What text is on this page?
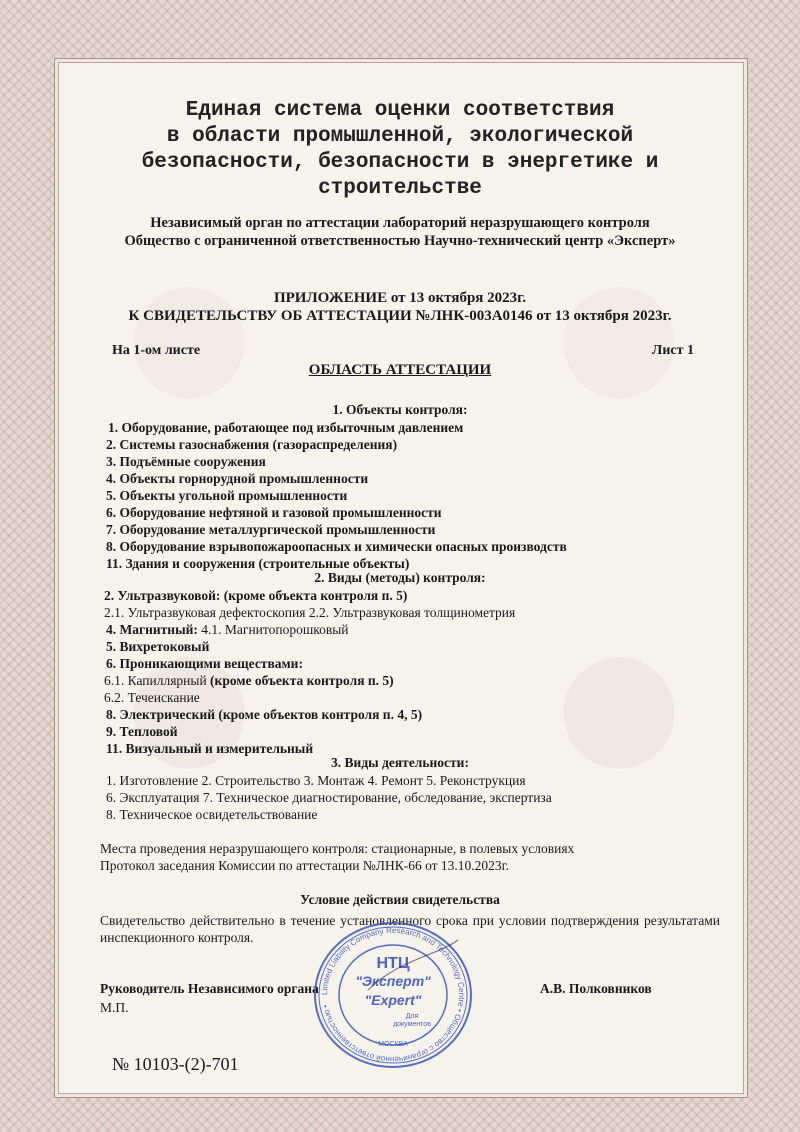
Единая система оценки соответствия
в области промышленной, экологической
безопасности, безопасности в энергетике и
строительстве
Независимый орган по аттестации лабораторий неразрушающего контроля
Общество с ограниченной ответственностью Научно-технический центр «Эксперт»
ПРИЛОЖЕНИЕ от 13 октября 2023г.
К СВИДЕТЕЛЬСТВУ ОБ АТТЕСТАЦИИ №ЛНК-003А0146 от 13 октября 2023г.
На 1-ом листе	Лист 1
ОБЛАСТЬ АТТЕСТАЦИИ
1. Объекты контроля:
1. Оборудование, работающее под избыточным давлением
2. Системы газоснабжения (газораспределения)
3. Подъёмные сооружения
4. Объекты горнорудной промышленности
5. Объекты угольной промышленности
6. Оборудование нефтяной и газовой промышленности
7. Оборудование металлургической промышленности
8. Оборудование взрывопожароопасных и химически опасных производств
11. Здания и сооружения (строительные объекты)
2. Виды (методы) контроля:
2. Ультразвуковой: (кроме объекта контроля п. 5)
2.1. Ультразвуковая дефектоскопия 2.2. Ультразвуковая толщинометрия
4. Магнитный: 4.1. Магнитопорошковый
5. Вихретоковый
6. Проникающими веществами:
6.1. Капиллярный (кроме объекта контроля п. 5)
6.2. Течеискание
8. Электрический (кроме объектов контроля п. 4, 5)
9. Тепловой
11. Визуальный и измерительный
3. Виды деятельности:
1. Изготовление 2. Строительство 3. Монтаж 4. Ремонт 5. Реконструкция
6. Эксплуатация 7. Техническое диагностирование, обследование, экспертиза
8. Техническое освидетельствование
Места проведения неразрушающего контроля: стационарные, в полевых условиях
Протокол заседания Комиссии по аттестации №ЛНК-66 от 13.10.2023г.
Условие действия свидетельства
Свидетельство действительно в течение установленного срока при условии подтверждения результатами инспекционного контроля.
Руководитель Независимого органа	А.В. Полковников
М.П.
№ 10103-(2)-701
Limited Liability Company Research and Technology Centre • Общество с ограниченной ответственностью •
НТЦ
"Эксперт"
"Expert"
Для
документов
МОСКВА
